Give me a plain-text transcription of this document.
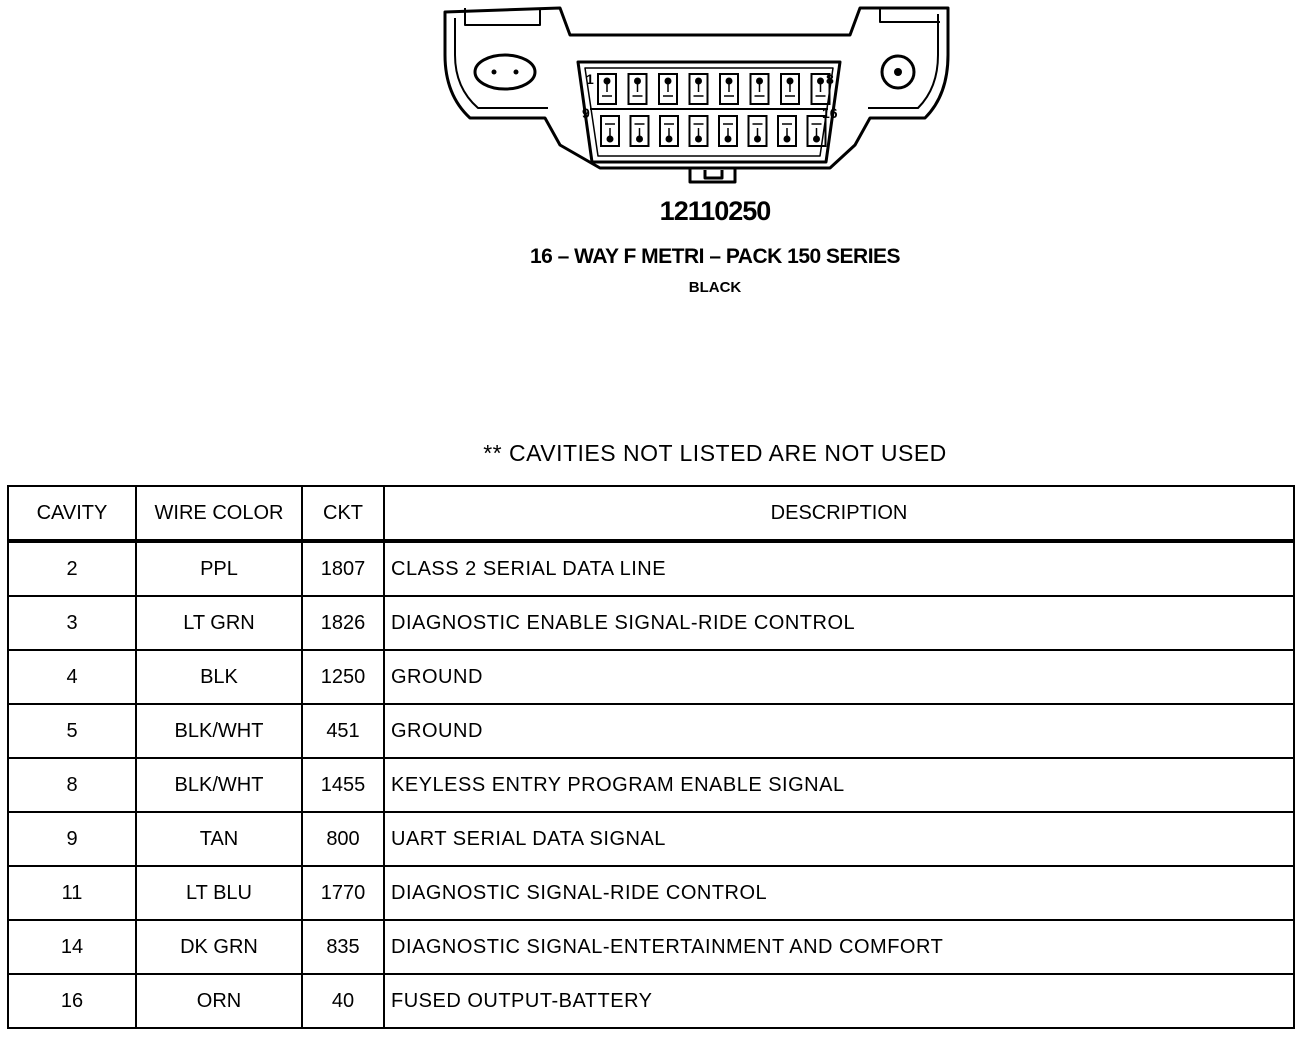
1	8
9	16
12110250
16 – WAY F METRI – PACK 150 SERIES
BLACK
** CAVITIES NOT LISTED ARE NOT USED
CAVITY	WIRE COLOR	CKT	DESCRIPTION
2	PPL	1807	CLASS 2 SERIAL DATA LINE
3	LT GRN	1826	DIAGNOSTIC ENABLE SIGNAL-RIDE CONTROL
4	BLK	1250	GROUND
5	BLK/WHT	451	GROUND
8	BLK/WHT	1455	KEYLESS ENTRY PROGRAM ENABLE SIGNAL
9	TAN	800	UART SERIAL DATA SIGNAL
11	LT BLU	1770	DIAGNOSTIC SIGNAL-RIDE CONTROL
14	DK GRN	835	DIAGNOSTIC SIGNAL-ENTERTAINMENT AND COMFORT
16	ORN	40	FUSED OUTPUT-BATTERY
